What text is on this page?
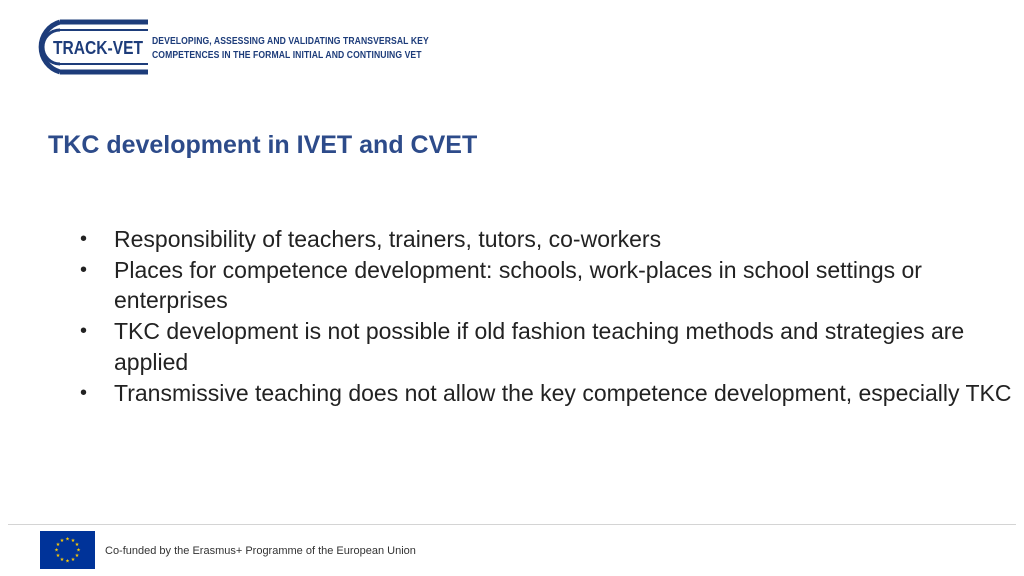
TRACK-VET DEVELOPING, ASSESSING AND VALIDATING TRANSVERSAL KEY
COMPETENCES IN THE FORMAL INITIAL AND CONTINUING VET
TKC development in IVET and CVET
•	Responsibility of teachers, trainers, tutors, co-workers
•	Places for competence development: schools, work-places in school settings or enterprises
•	TKC development is not possible if old fashion teaching methods and strategies are applied
•	Transmissive teaching does not allow the key competence development, especially TKC
★ ★
★
★
★
★
★
★
★
★
★
★
Co-funded by the Erasmus+ Programme of the European Union
